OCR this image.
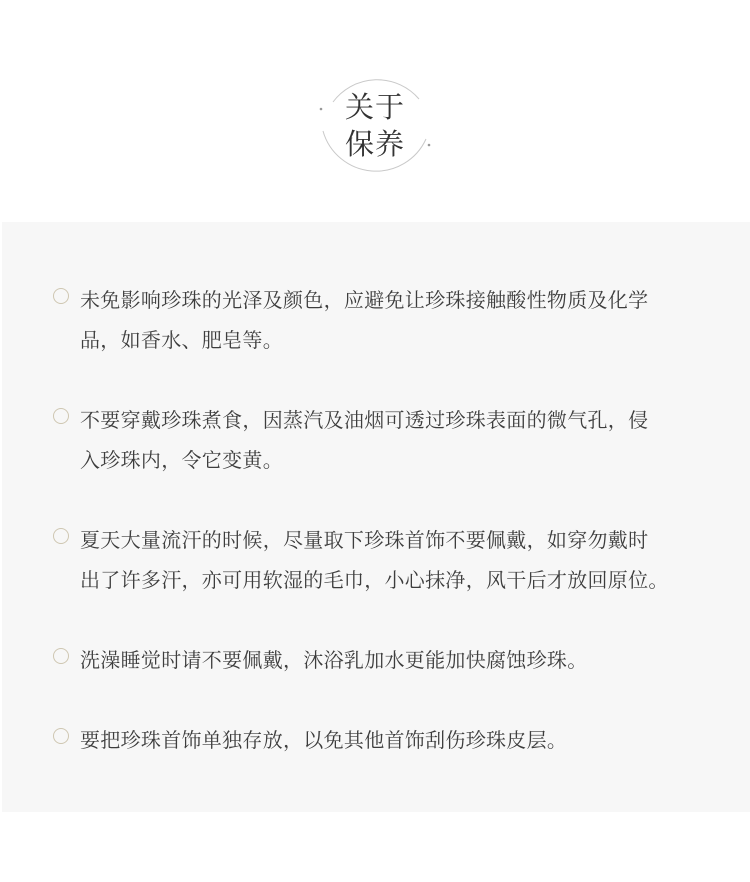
关于
保养
未免影响珍珠的光泽及颜色，应避免让珍珠接触酸性物质及化学
品，如香水、肥皂等。
不要穿戴珍珠煮食，因蒸汽及油烟可透过珍珠表面的微气孔，侵
入珍珠内，令它变黄。
夏天大量流汗的时候，尽量取下珍珠首饰不要佩戴，如穿勿戴时
出了许多汗，亦可用软湿的毛巾，小心抹净，风干后才放回原位。
洗澡睡觉时请不要佩戴，沐浴乳加水更能加快腐蚀珍珠。
要把珍珠首饰单独存放，以免其他首饰刮伤珍珠皮层。
